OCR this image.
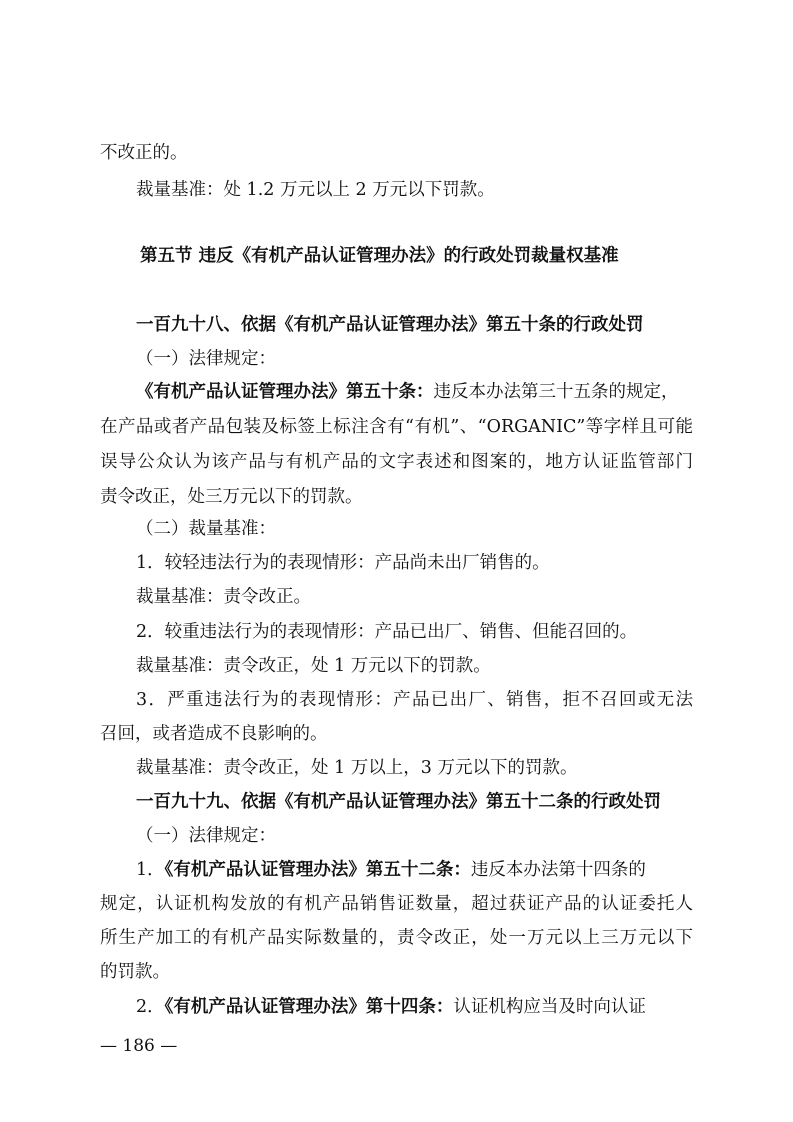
不改正的。
裁量基准：处 1.2 万元以上 2 万元以下罚款。
第五节 违反《有机产品认证管理办法》的行政处罚裁量权基准
一百九十八、依据《有机产品认证管理办法》第五十条的行政处罚
（一）法律规定：
《有机产品认证管理办法》第五十条：违反本办法第三十五条的规定，
在产品或者产品包装及标签上标注含有“有机”、“ORGANIC”等字样且可能
误导公众认为该产品与有机产品的文字表述和图案的，地方认证监管部门
责令改正，处三万元以下的罚款。
（二）裁量基准：
1．较轻违法行为的表现情形：产品尚未出厂销售的。
裁量基准：责令改正。
2．较重违法行为的表现情形：产品已出厂、销售、但能召回的。
裁量基准：责令改正，处 1 万元以下的罚款。
3．严重违法行为的表现情形：产品已出厂、销售，拒不召回或无法
召回，或者造成不良影响的。
裁量基准：责令改正，处 1 万以上，3 万元以下的罚款。
一百九十九、依据《有机产品认证管理办法》第五十二条的行政处罚
（一）法律规定：
1．《有机产品认证管理办法》第五十二条：违反本办法第十四条的
规定，认证机构发放的有机产品销售证数量，超过获证产品的认证委托人
所生产加工的有机产品实际数量的，责令改正，处一万元以上三万元以下
的罚款。
2．《有机产品认证管理办法》第十四条：认证机构应当及时向认证
— 186 —
